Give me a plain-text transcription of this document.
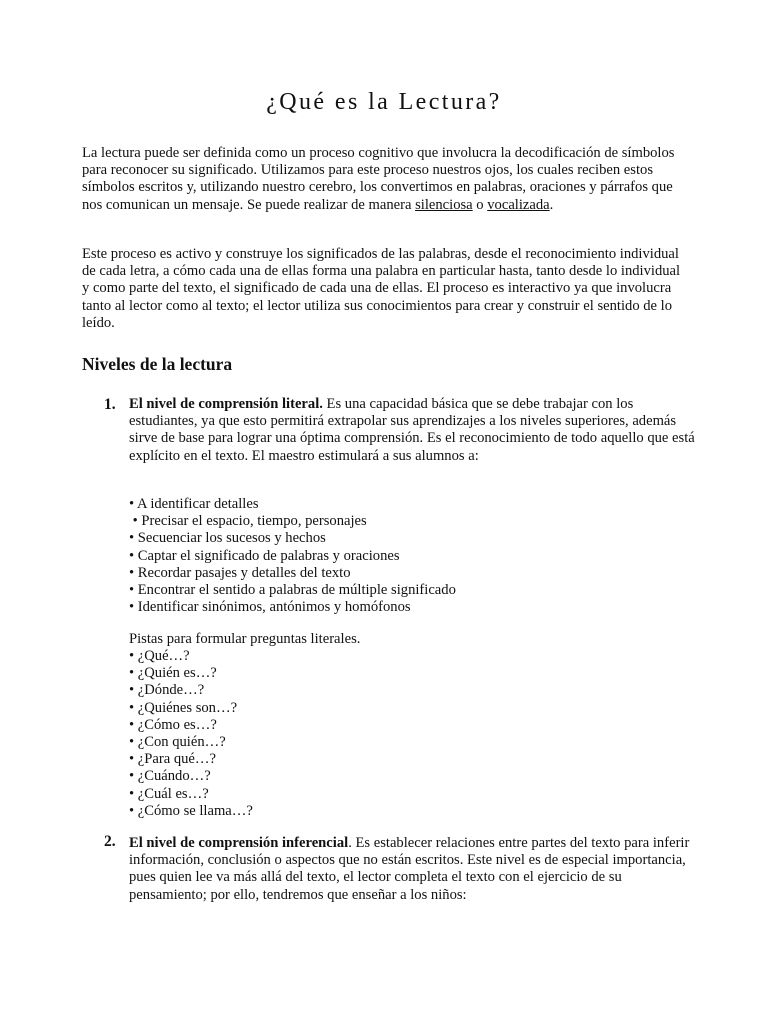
¿Qué es la Lectura?

La lectura puede ser definida como un proceso cognitivo que involucra la decodificación de símbolos para reconocer su significado. Utilizamos para este proceso nuestros ojos, los cuales reciben estos símbolos escritos y, utilizando nuestro cerebro, los convertimos en palabras, oraciones y párrafos que nos comunican un mensaje. Se puede realizar de manera silenciosa o vocalizada.

Este proceso es activo y construye los significados de las palabras, desde el reconocimiento individual de cada letra, a cómo cada una de ellas forma una palabra en particular hasta, tanto desde lo individual y como parte del texto, el significado de cada una de ellas. El proceso es interactivo ya que involucra tanto al lector como al texto; el lector utiliza sus conocimientos para crear y construir el sentido de lo leído.

Niveles de la lectura
1. El nivel de comprensión literal. Es una capacidad básica que se debe trabajar con los estudiantes, ya que esto permitirá extrapolar sus aprendizajes a los niveles superiores, además sirve de base para lograr una óptima comprensión. Es el reconocimiento de todo aquello que está explícito en el texto. El maestro estimulará a sus alumnos a:

• A identificar detalles
• Precisar el espacio, tiempo, personajes
• Secuenciar los sucesos y hechos
• Captar el significado de palabras y oraciones
• Recordar pasajes y detalles del texto
• Encontrar el sentido a palabras de múltiple significado
• Identificar sinónimos, antónimos y homófonos

Pistas para formular preguntas literales.

• ¿Qué…?
• ¿Quién es…?
• ¿Dónde…?
• ¿Quiénes son…?
• ¿Cómo es…?
• ¿Con quién…?
• ¿Para qué…?
• ¿Cuándo…?
• ¿Cuál es…?
• ¿Cómo se llama…?
2. El nivel de comprensión inferencial. Es establecer relaciones entre partes del texto para inferir información, conclusión o aspectos que no están escritos. Este nivel es de especial importancia, pues quien lee va más allá del texto, el lector completa el texto con el ejercicio de su pensamiento; por ello, tendremos que enseñar a los niños:
